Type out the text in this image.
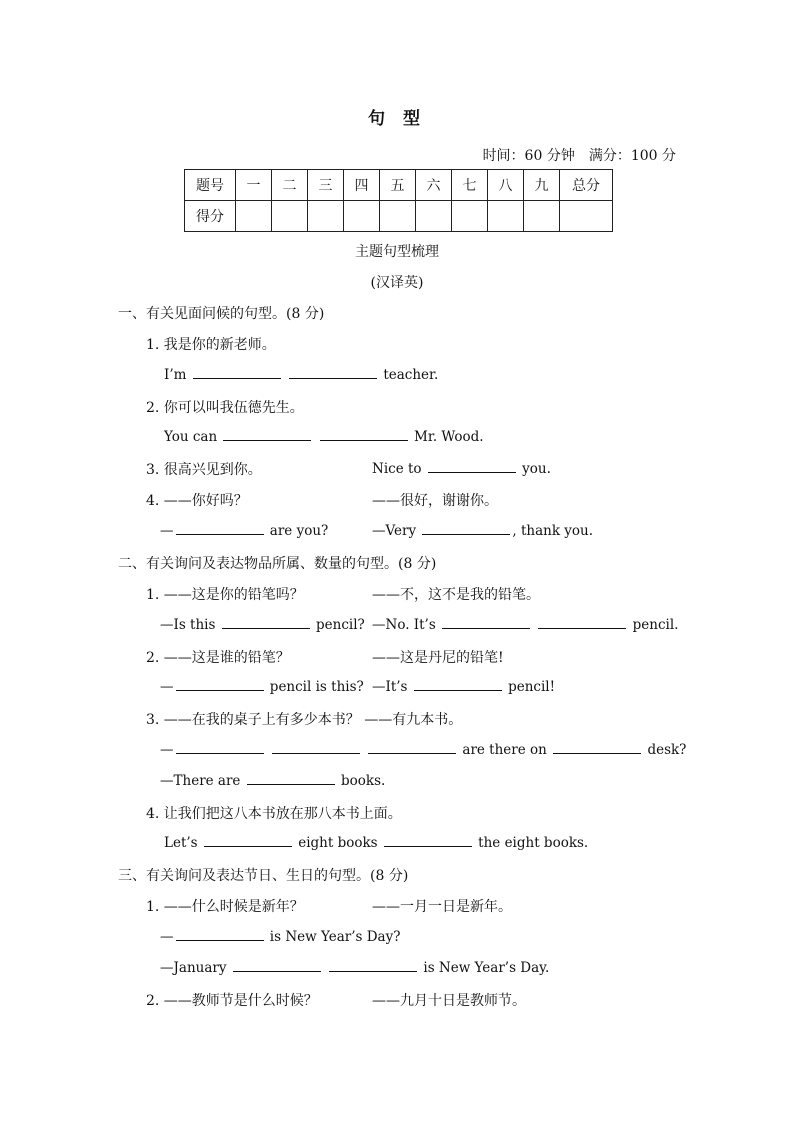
句 型
时间：60 分钟　满分：100 分
题号	一	二	三	四	五	六	七	八	九	总分
得分										
主题句型梳理
(汉译英)
一、有关见面问候的句型。(8 分)
1. 我是你的新老师。
I’m	teacher.
2. 你可以叫我伍德先生。
You can	Mr. Wood.
3. 很高兴见到你。	Nice to	you.
4. ——你好吗？	——很好，谢谢你。
—	are you?	—Very	, thank you.
二、有关询问及表达物品所属、数量的句型。(8 分)
1. ——这是你的铅笔吗？	——不，这不是我的铅笔。
—Is this	pencil? —No. It’s	pencil.
2. ——这是谁的铅笔？	——这是丹尼的铅笔!
—	pencil is this? —It’s	pencil!
3. ——在我的桌子上有多少本书？ ——有九本书。
—	are there on	desk?
—There are	books.
4. 让我们把这八本书放在那八本书上面。
Let’s	eight books	the eight books.
三、有关询问及表达节日、生日的句型。(8 分)
1. ——什么时候是新年？	——一月一日是新年。
—	is New Year’s Day?
—January	is New Year’s Day.
2. ——教师节是什么时候？	——九月十日是教师节。
